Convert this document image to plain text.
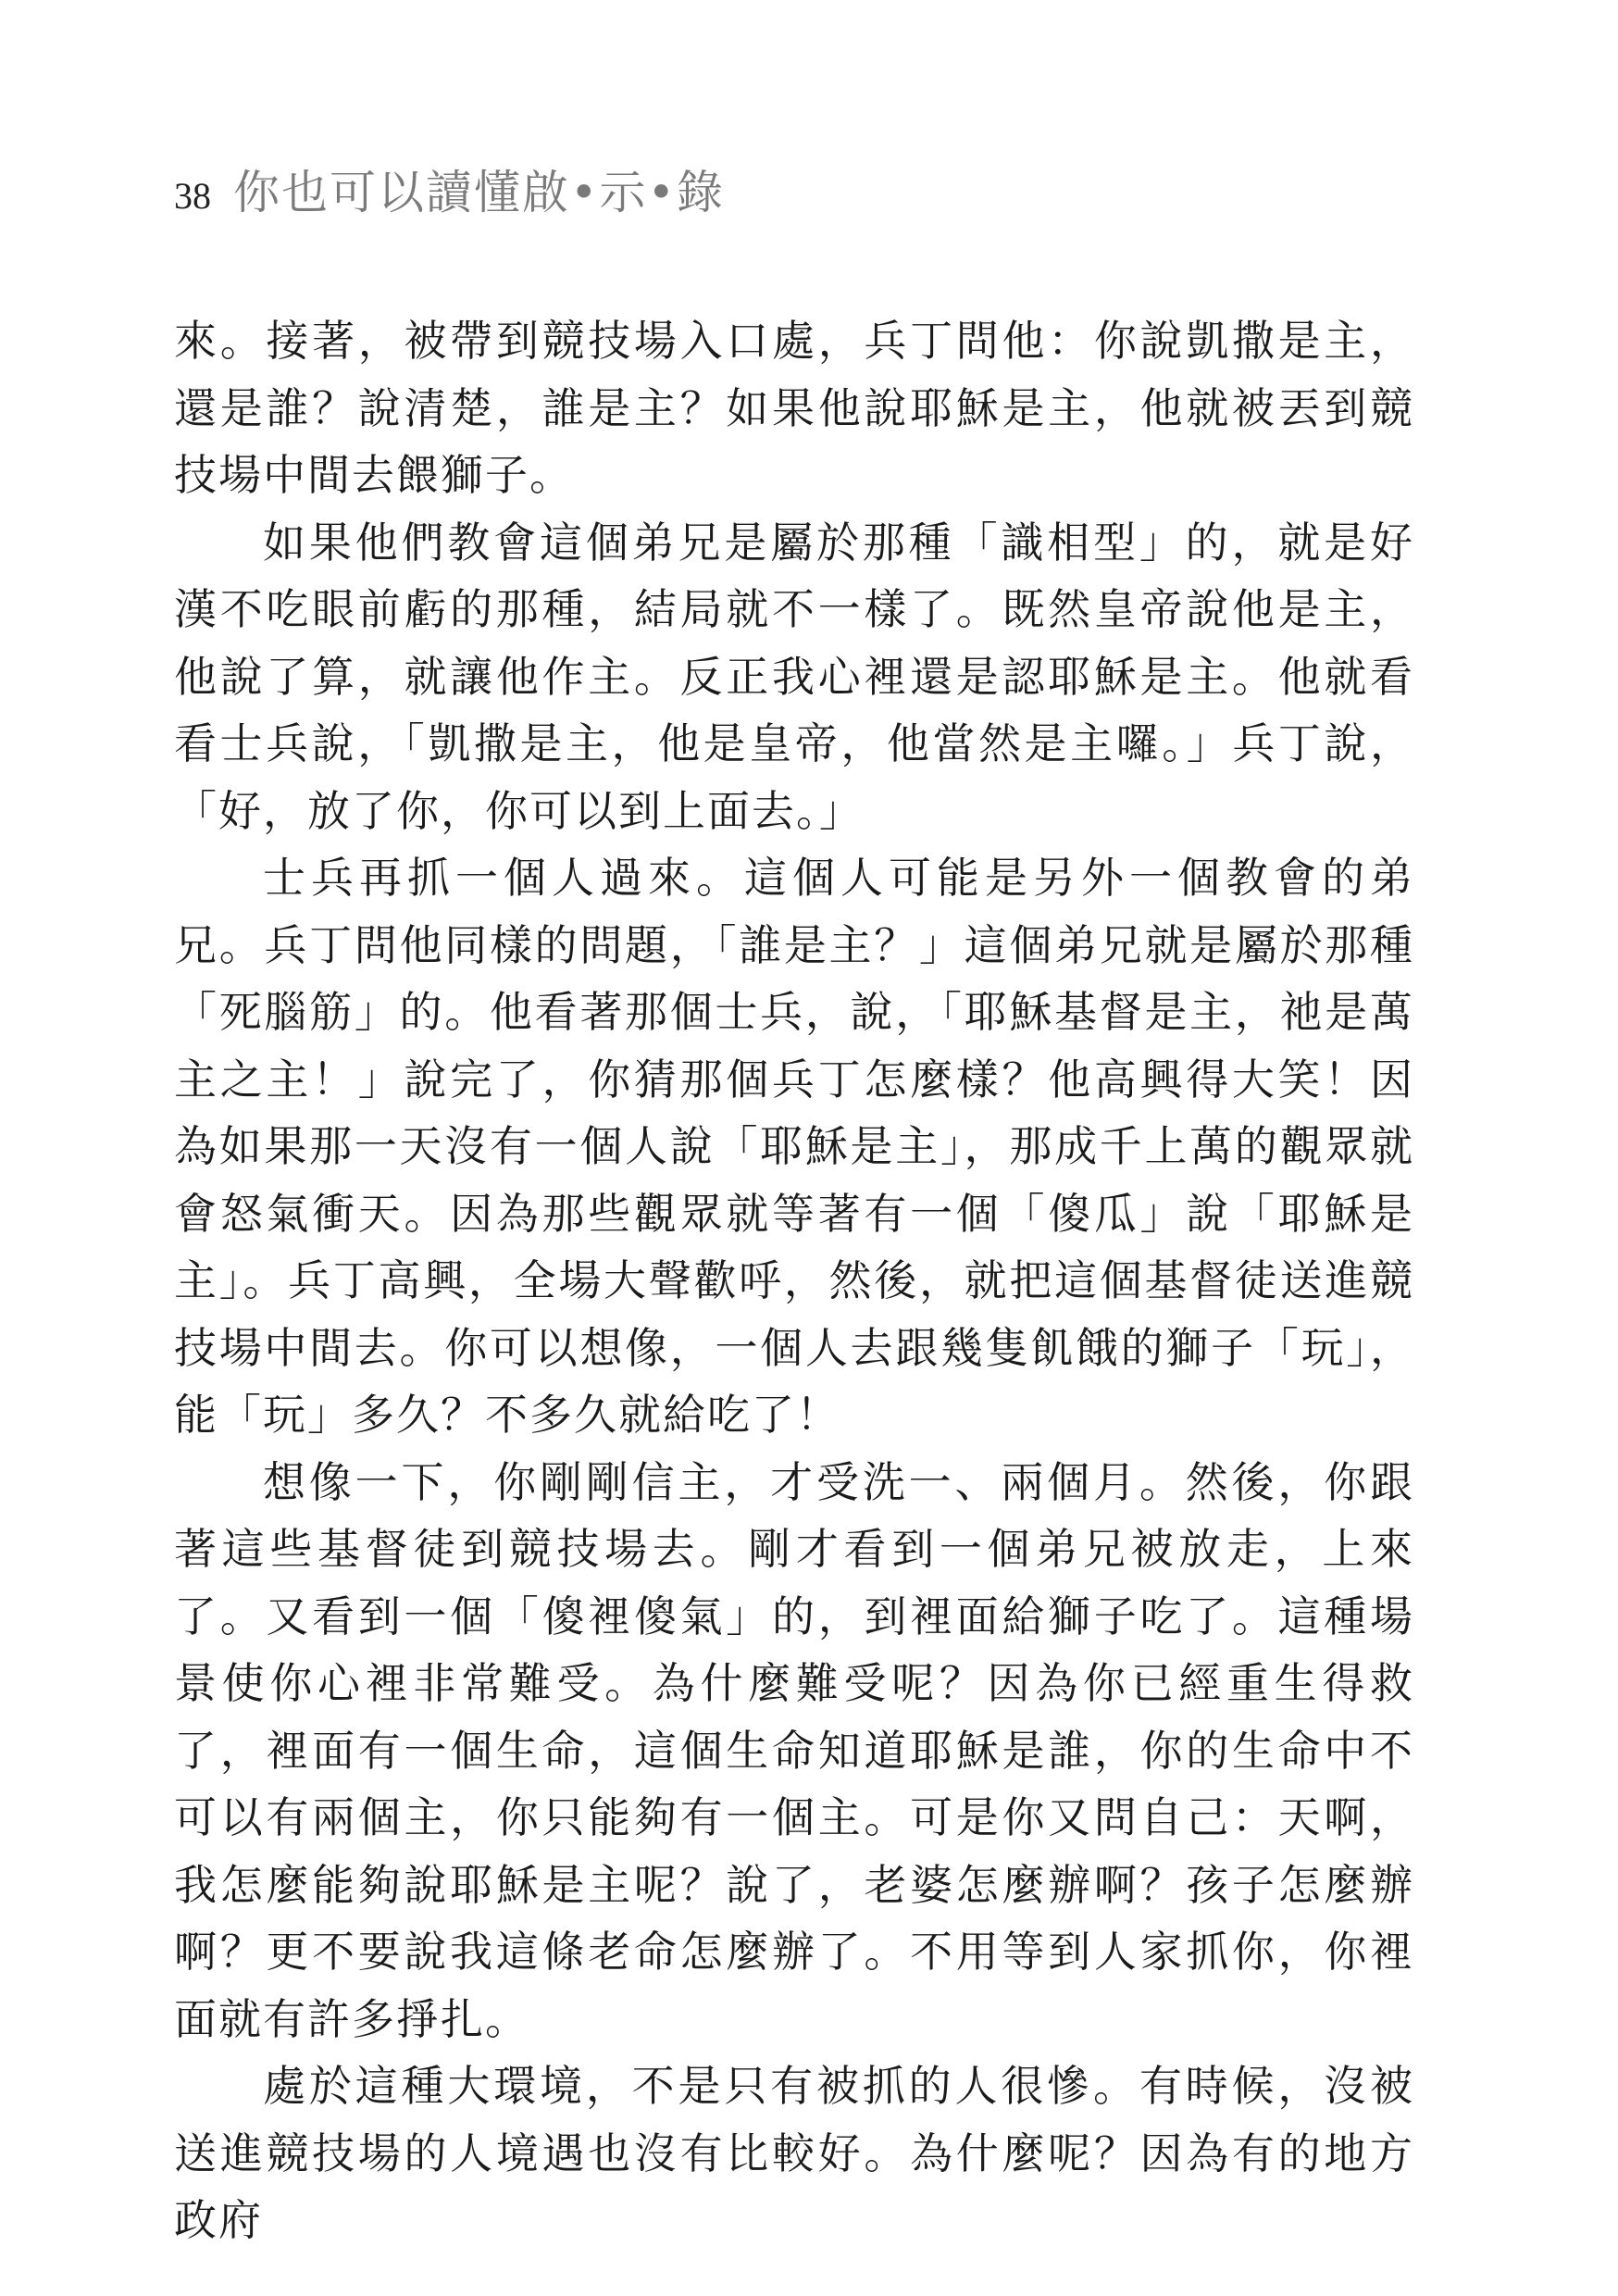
38 你也可以讀懂啟•示•錄

來。接著，被帶到競技場入口處，兵丁問他：你說凱撒是主，還是誰？說清楚，誰是主？如果他說耶穌是主，他就被丟到競技場中間去餵獅子。

如果他們教會這個弟兄是屬於那種「識相型」的，就是好漢不吃眼前虧的那種，結局就不一樣了。既然皇帝說他是主，他說了算，就讓他作主。反正我心裡還是認耶穌是主。他就看看士兵說，「凱撒是主，他是皇帝，他當然是主囉。」兵丁說，「好，放了你，你可以到上面去。」

士兵再抓一個人過來。這個人可能是另外一個教會的弟兄。兵丁問他同樣的問題，「誰是主？」這個弟兄就是屬於那種「死腦筋」的。他看著那個士兵，說，「耶穌基督是主，祂是萬主之主！」說完了，你猜那個兵丁怎麼樣？他高興得大笑！因為如果那一天沒有一個人說「耶穌是主」，那成千上萬的觀眾就會怒氣衝天。因為那些觀眾就等著有一個「傻瓜」說「耶穌是主」。兵丁高興，全場大聲歡呼，然後，就把這個基督徒送進競技場中間去。你可以想像，一個人去跟幾隻飢餓的獅子「玩」，能「玩」多久？不多久就給吃了！

想像一下，你剛剛信主，才受洗一、兩個月。然後，你跟著這些基督徒到競技場去。剛才看到一個弟兄被放走，上來了。又看到一個「傻裡傻氣」的，到裡面給獅子吃了。這種場景使你心裡非常難受。為什麼難受呢？因為你已經重生得救了，裡面有一個生命，這個生命知道耶穌是誰，你的生命中不可以有兩個主，你只能夠有一個主。可是你又問自己：天啊，我怎麼能夠說耶穌是主呢？說了，老婆怎麼辦啊？孩子怎麼辦啊？更不要說我這條老命怎麼辦了。不用等到人家抓你，你裡面就有許多掙扎。

處於這種大環境，不是只有被抓的人很慘。有時候，沒被送進競技場的人境遇也沒有比較好。為什麼呢？因為有的地方政府
